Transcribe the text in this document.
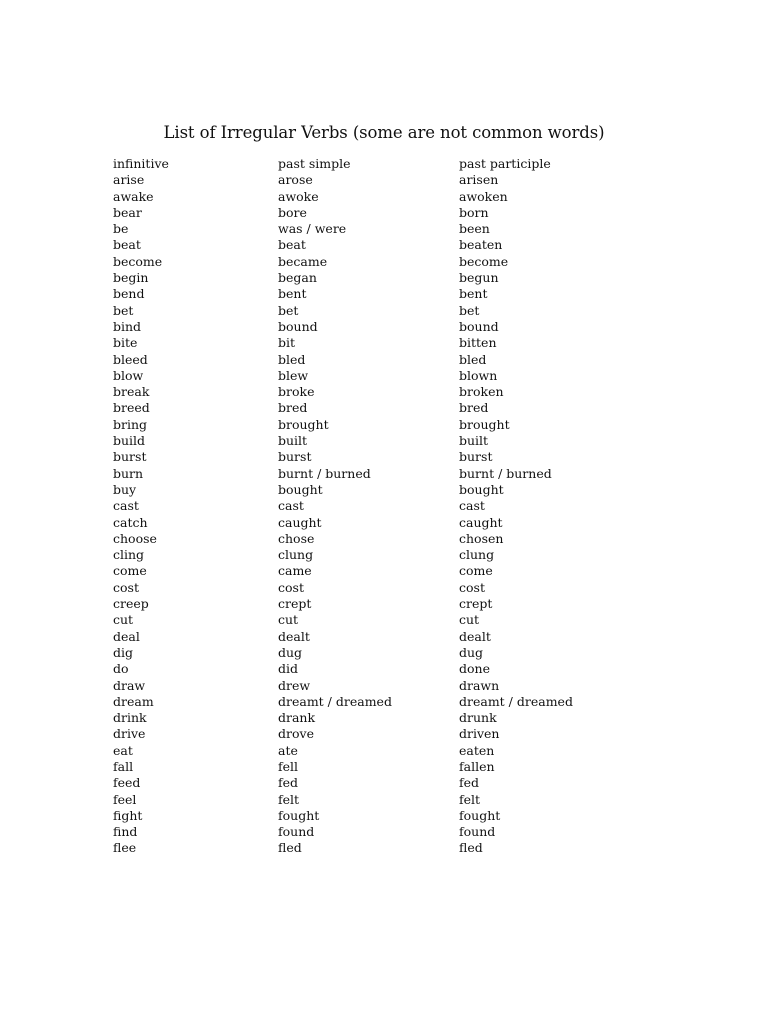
List of Irregular Verbs (some are not common words)
infinitive	past simple	past participle
arise	arose	arisen
awake	awoke	awoken
bear	bore	born
be	was / were	been
beat	beat	beaten
become	became	become
begin	began	begun
bend	bent	bent
bet	bet	bet
bind	bound	bound
bite	bit	bitten
bleed	bled	bled
blow	blew	blown
break	broke	broken
breed	bred	bred
bring	brought	brought
build	built	built
burst	burst	burst
burn	burnt / burned	burnt / burned
buy	bought	bought
cast	cast	cast
catch	caught	caught
choose	chose	chosen
cling	clung	clung
come	came	come
cost	cost	cost
creep	crept	crept
cut	cut	cut
deal	dealt	dealt
dig	dug	dug
do	did	done
draw	drew	drawn
dream	dreamt / dreamed	dreamt / dreamed
drink	drank	drunk
drive	drove	driven
eat	ate	eaten
fall	fell	fallen
feed	fed	fed
feel	felt	felt
fight	fought	fought
find	found	found
flee	fled	fled
